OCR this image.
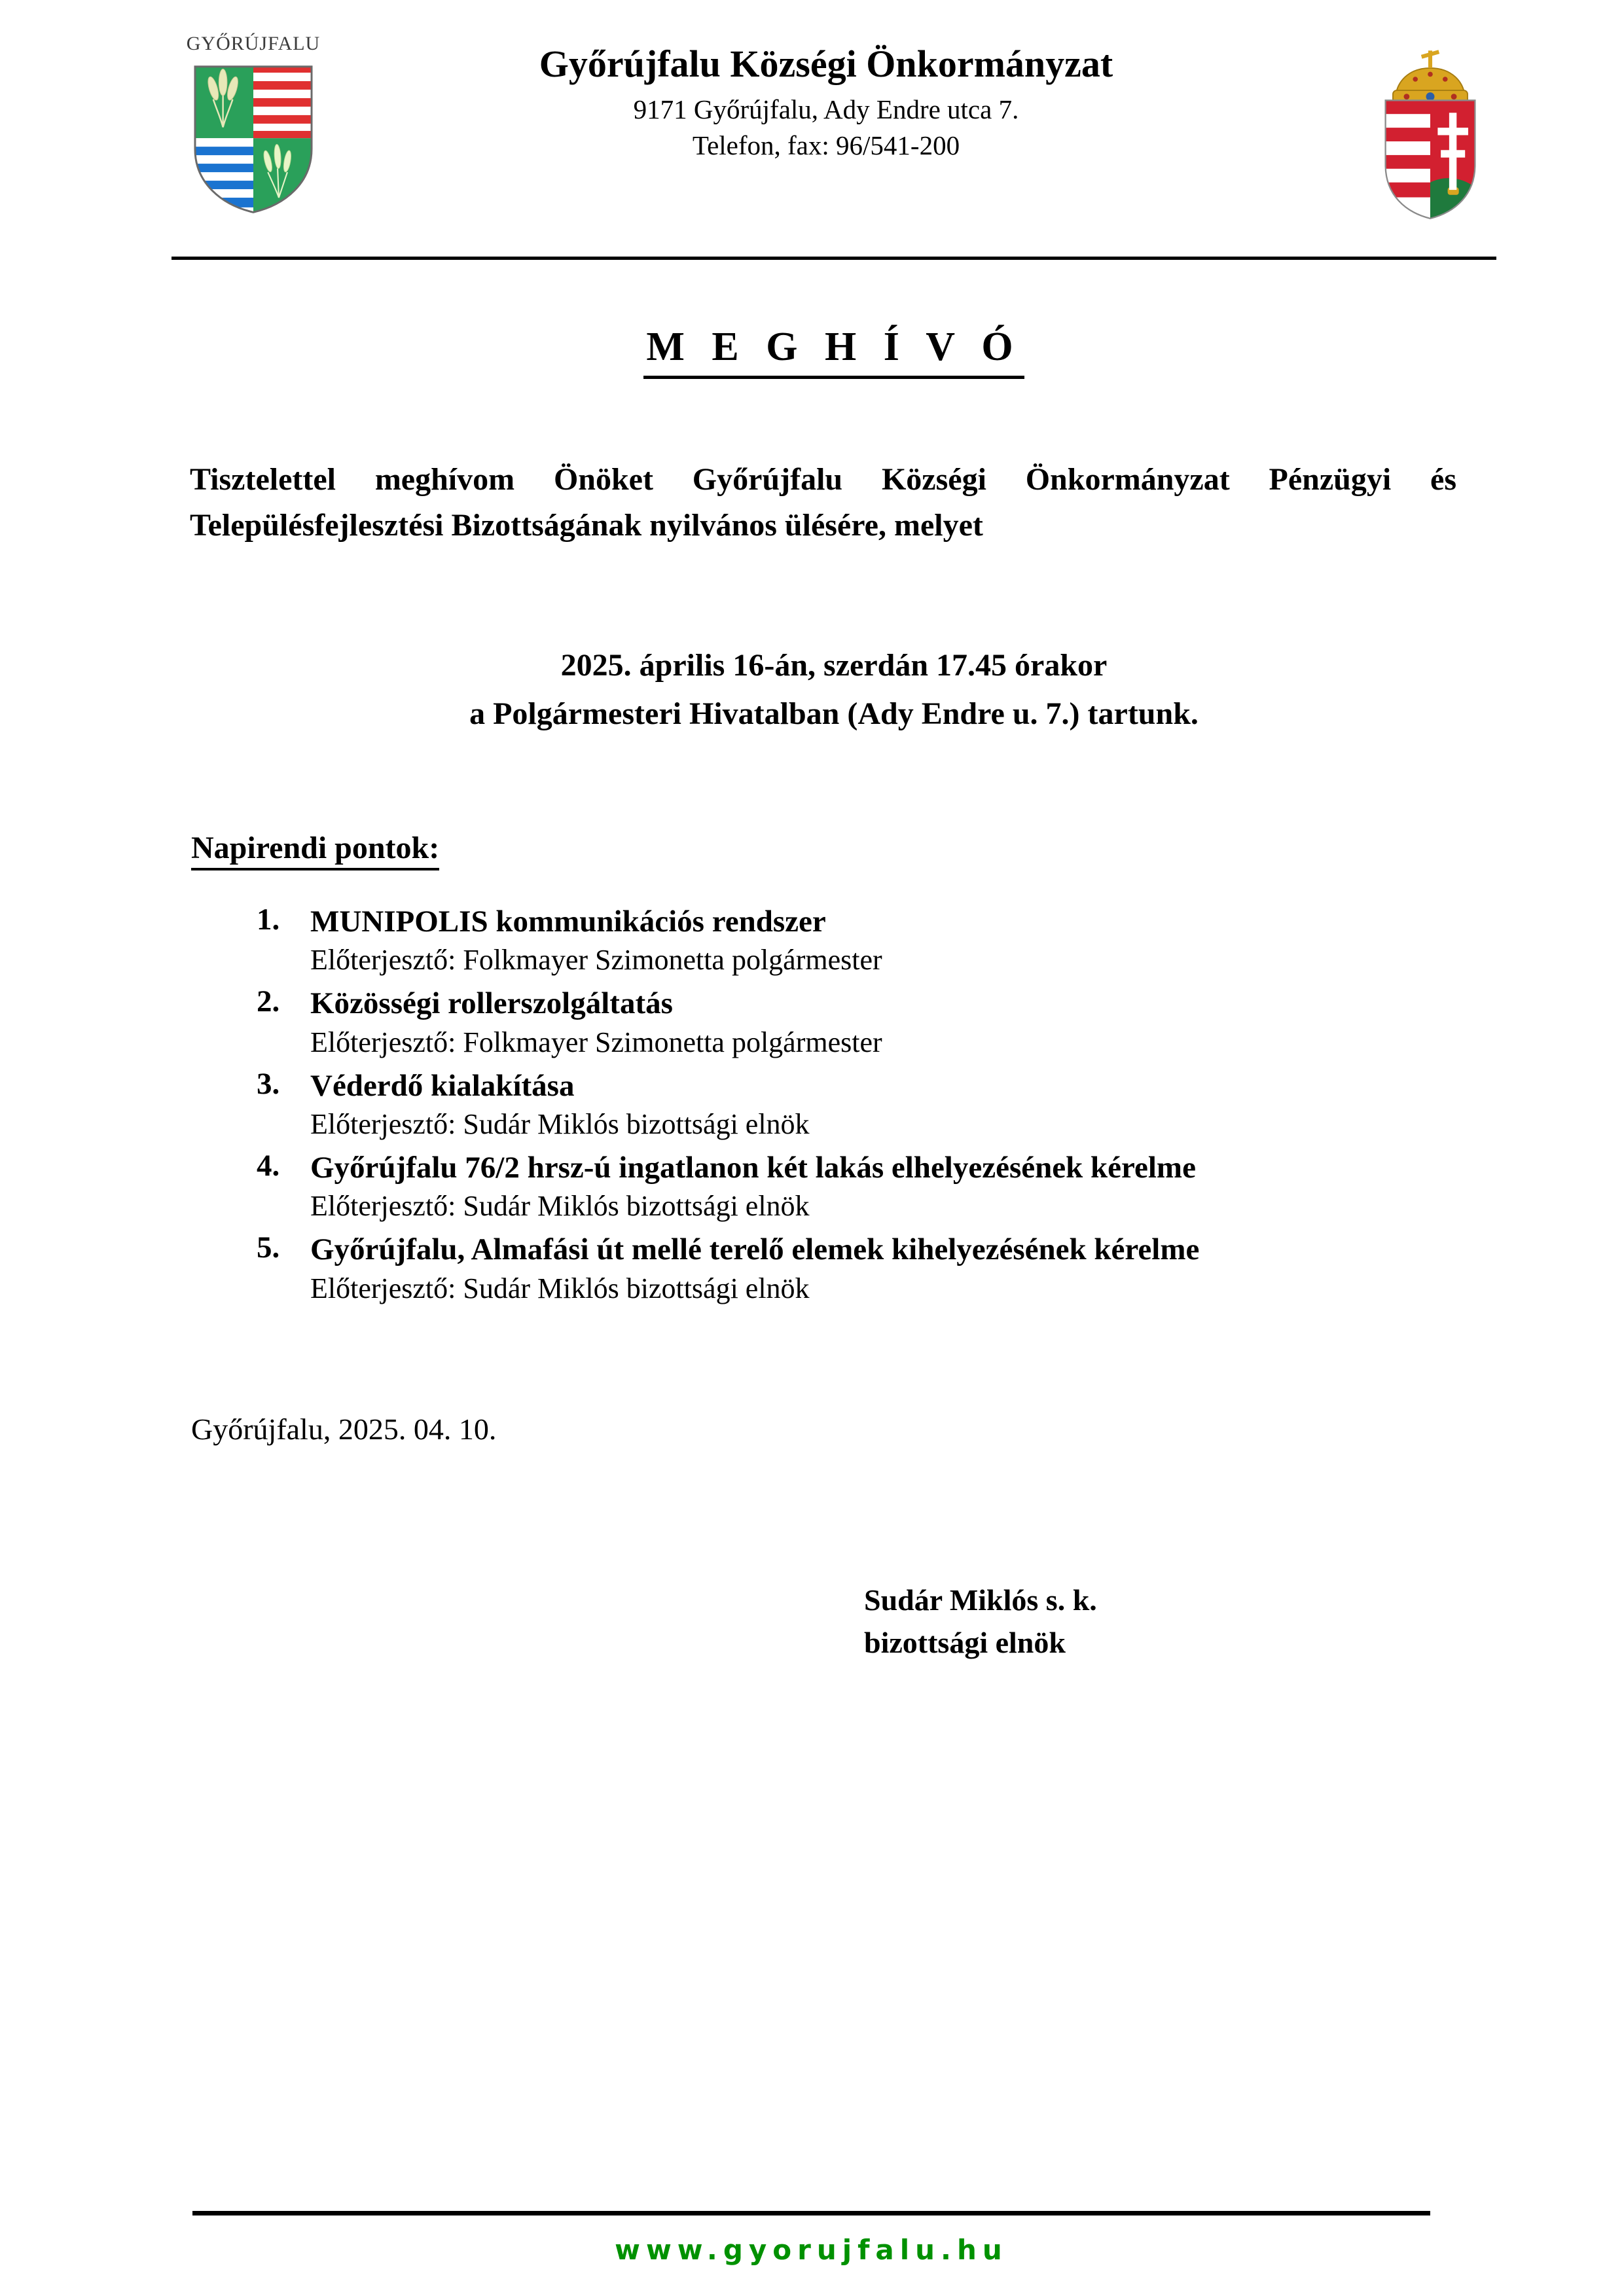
GYŐRÚJFALU	Győrújfalu Községi Önkormányzat
9171 Győrújfalu, Ady Endre utca 7.
Telefon, fax: 96/541-200
M E G H Í V Ó

Tisztelettel meghívom Önöket Győrújfalu Községi Önkormányzat Pénzügyi és Településfejlesztési Bizottságának nyilvános ülésére, melyet

2025. április 16-án, szerdán 17.45 órakor
a Polgármesteri Hivatalban (Ady Endre u. 7.) tartunk.
Napirendi pontok:
1. MUNIPOLIS kommunikációs rendszer
Előterjesztő: Folkmayer Szimonetta polgármester
2. Közösségi rollerszolgáltatás
Előterjesztő: Folkmayer Szimonetta polgármester
3. Véderdő kialakítása
Előterjesztő: Sudár Miklós bizottsági elnök
4. Győrújfalu 76/2 hrsz-ú ingatlanon két lakás elhelyezésének kérelme
Előterjesztő: Sudár Miklós bizottsági elnök
5. Győrújfalu, Almafási út mellé terelő elemek kihelyezésének kérelme
Előterjesztő: Sudár Miklós bizottsági elnök
Győrújfalu, 2025. 04. 10.
Sudár Miklós s. k.
bizottsági elnök
www.gyorujfalu.hu
